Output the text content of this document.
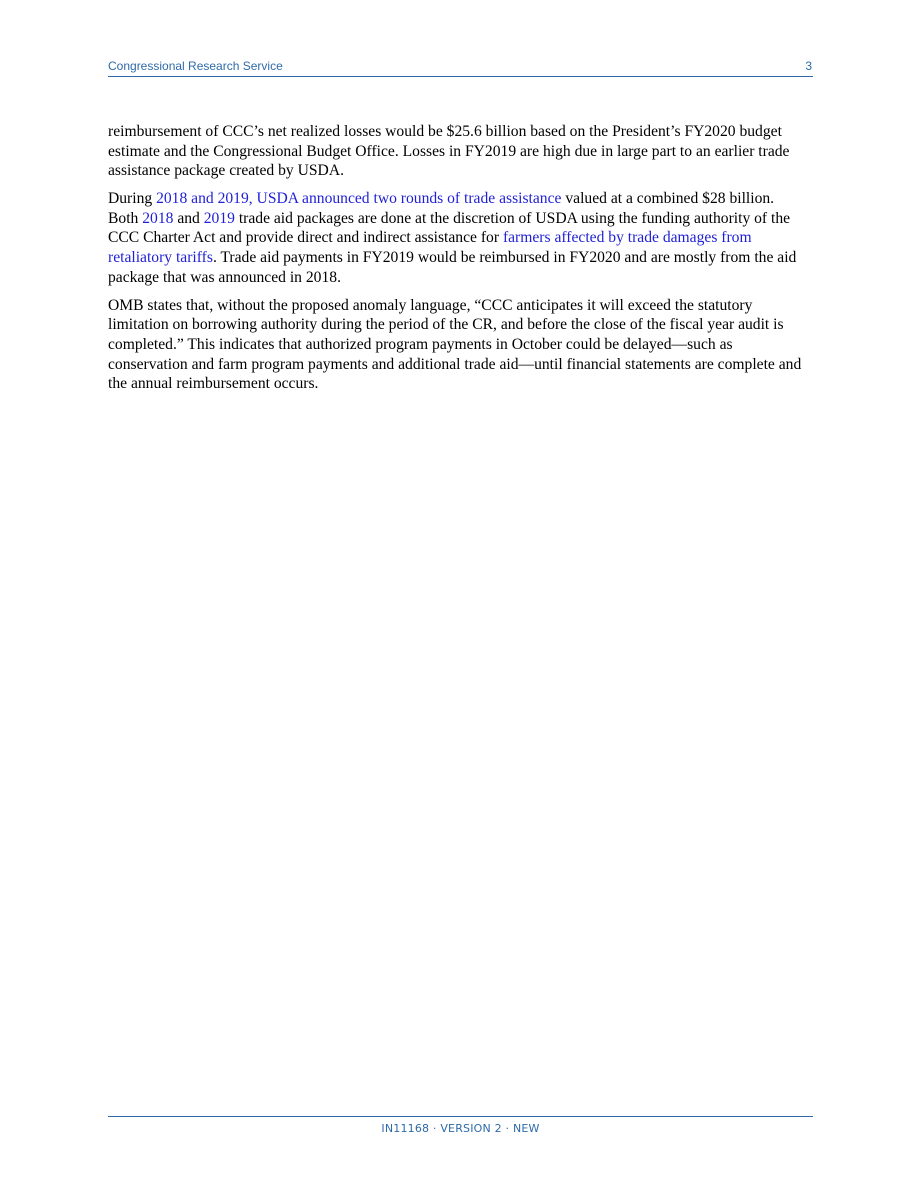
Congressional Research Service	3

reimbursement of CCC’s net realized losses would be $25.6 billion based on the President’s FY2020 budget estimate and the Congressional Budget Office. Losses in FY2019 are high due in large part to an earlier trade assistance package created by USDA.

During 2018 and 2019, USDA announced two rounds of trade assistance valued at a combined $28 billion. Both 2018 and 2019 trade aid packages are done at the discretion of USDA using the funding authority of the CCC Charter Act and provide direct and indirect assistance for farmers affected by trade damages from retaliatory tariffs. Trade aid payments in FY2019 would be reimbursed in FY2020 and are mostly from the aid package that was announced in 2018.

OMB states that, without the proposed anomaly language, “CCC anticipates it will exceed the statutory limitation on borrowing authority during the period of the CR, and before the close of the fiscal year audit is completed.” This indicates that authorized program payments in October could be delayed—such as conservation and farm program payments and additional trade aid—until financial statements are complete and the annual reimbursement occurs.

IN11168 · VERSION 2 · NEW
